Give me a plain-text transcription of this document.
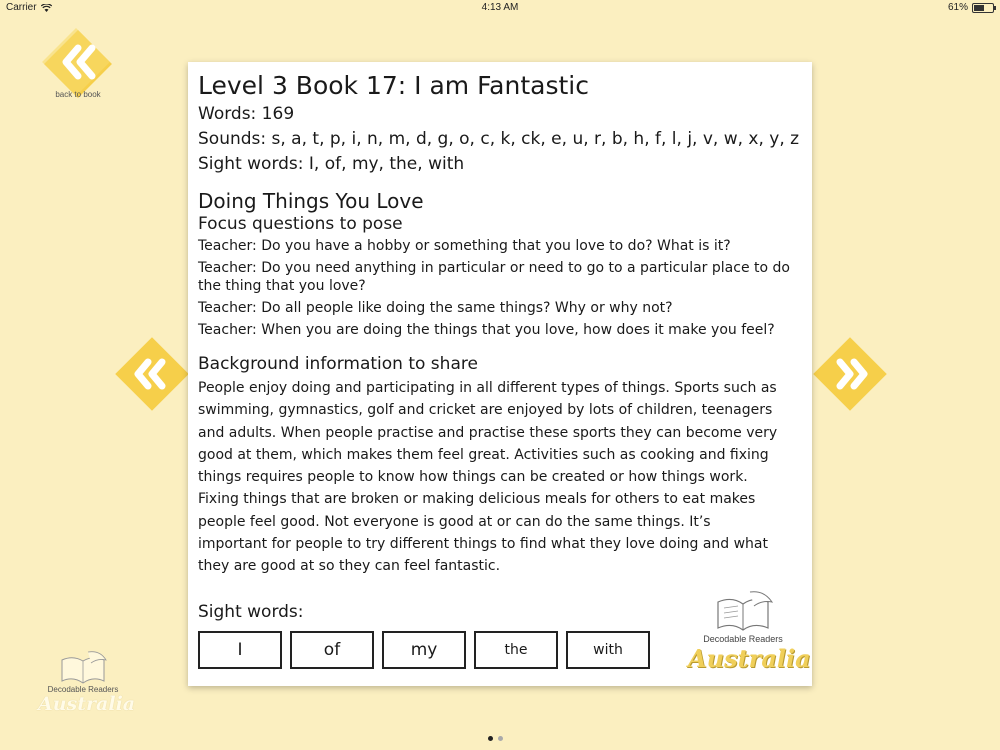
Carrier	4:13 AM	61%
back to book	Level 3 Book 17: I am Fantastic

Words: 169

Sounds: s, a, t, p, i, n, m, d, g, o, c, k, ck, e, u, r, b, h, f, l, j, v, w, x, y, z

Sight words: I, of, my, the, with

Doing Things You Love
Focus questions to pose

Teacher: Do you have a hobby or something that you love to do? What is it?

Teacher: Do you need anything in particular or need to go to a particular place to do the thing that you love?

Teacher: Do all people like doing the same things? Why or why not?

Teacher: When you are doing the things that you love, how does it make you feel?

Background information to share

People enjoy doing and participating in all different types of things. Sports such as swimming, gymnastics, golf and cricket are enjoyed by lots of children, teenagers and adults. When people practise and practise these sports they can become very good at them, which makes them feel great. Activities such as cooking and fixing things requires people to know how things can be created or how things work. Fixing things that are broken or making delicious meals for others to eat makes people feel good. Not everyone is good at or can do the same things. It’s important for people to try different things to find what they love doing and what they are good at so they can feel fantastic.

Sight words:
I	of	my	the	with
Decodable Readers
Australia
Decodable Readers
Australia
